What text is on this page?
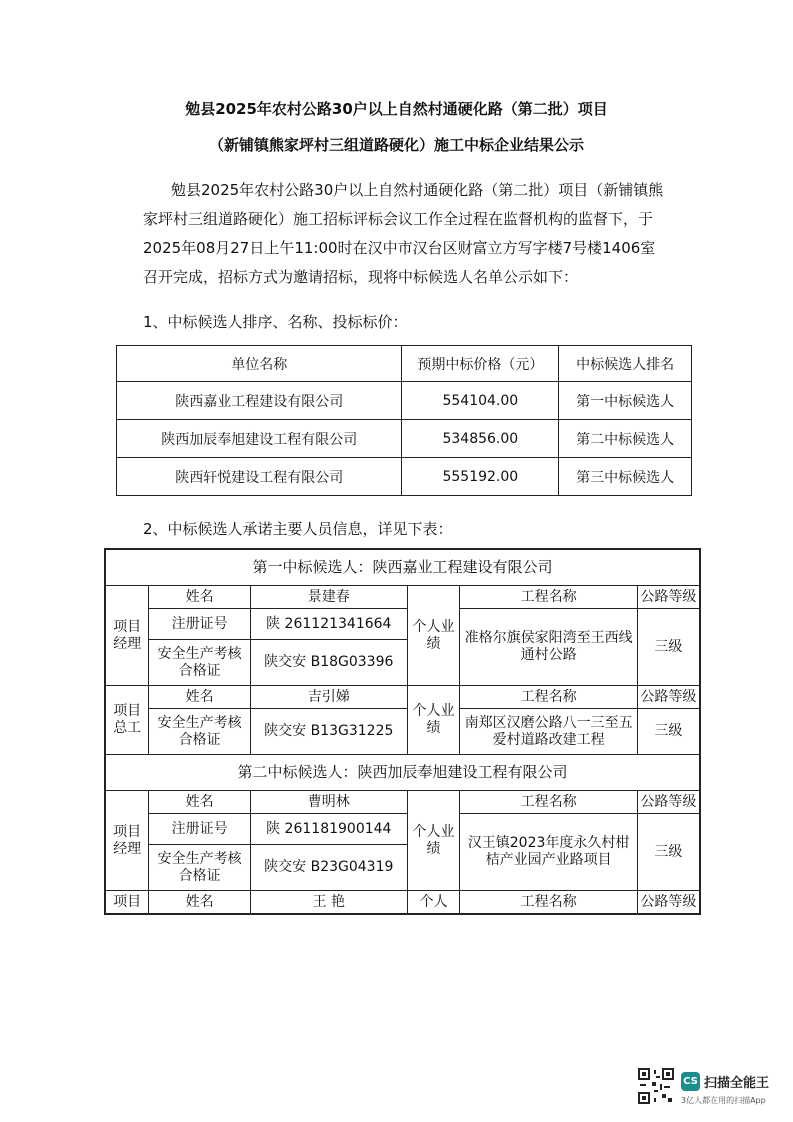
勉县2025年农村公路30户以上自然村通硬化路（第二批）项目
（新铺镇熊家坪村三组道路硬化）施工中标企业结果公示
勉县2025年农村公路30户以上自然村通硬化路（第二批）项目（新铺镇熊
家坪村三组道路硬化）施工招标评标会议工作全过程在监督机构的监督下，于
2025年08月27日上午11:00时在汉中市汉台区财富立方写字楼7号楼1406室
召开完成，招标方式为邀请招标，现将中标候选人名单公示如下：
1、中标候选人排序、名称、投标标价：
单位名称	预期中标价格（元）	中标候选人排名
陕西嘉业工程建设有限公司	554104.00	第一中标候选人
陕西加辰奉旭建设工程有限公司	534856.00	第二中标候选人
陕西轩悦建设工程有限公司	555192.00	第三中标候选人
2、中标候选人承诺主要人员信息，详见下表：
第一中标候选人：陕西嘉业工程建设有限公司					
项目经理	姓名	景建春	个人业绩	工程名称	公路等级
	注册证号	陕 261121341664		准格尔旗侯家阳湾至王西线通村公路	三级
	安全生产考核合格证	陕交安 B18G03396			
项目总工	姓名	吉引娣	个人业绩	工程名称	公路等级
	安全生产考核合格证	陕交安 B13G31225		南郑区汉磨公路八一三至五爱村道路改建工程	三级
第二中标候选人：陕西加辰奉旭建设工程有限公司					
项目经理	姓名	曹明林	个人业绩	工程名称	公路等级
	注册证号	陕 261181900144		汉王镇2023年度永久村柑桔产业园产业路项目	三级
	安全生产考核合格证	陕交安 B23G04319			
项目	姓名	王 艳	个人	工程名称	公路等级
CS 扫描全能王
3亿人都在用的扫描App
